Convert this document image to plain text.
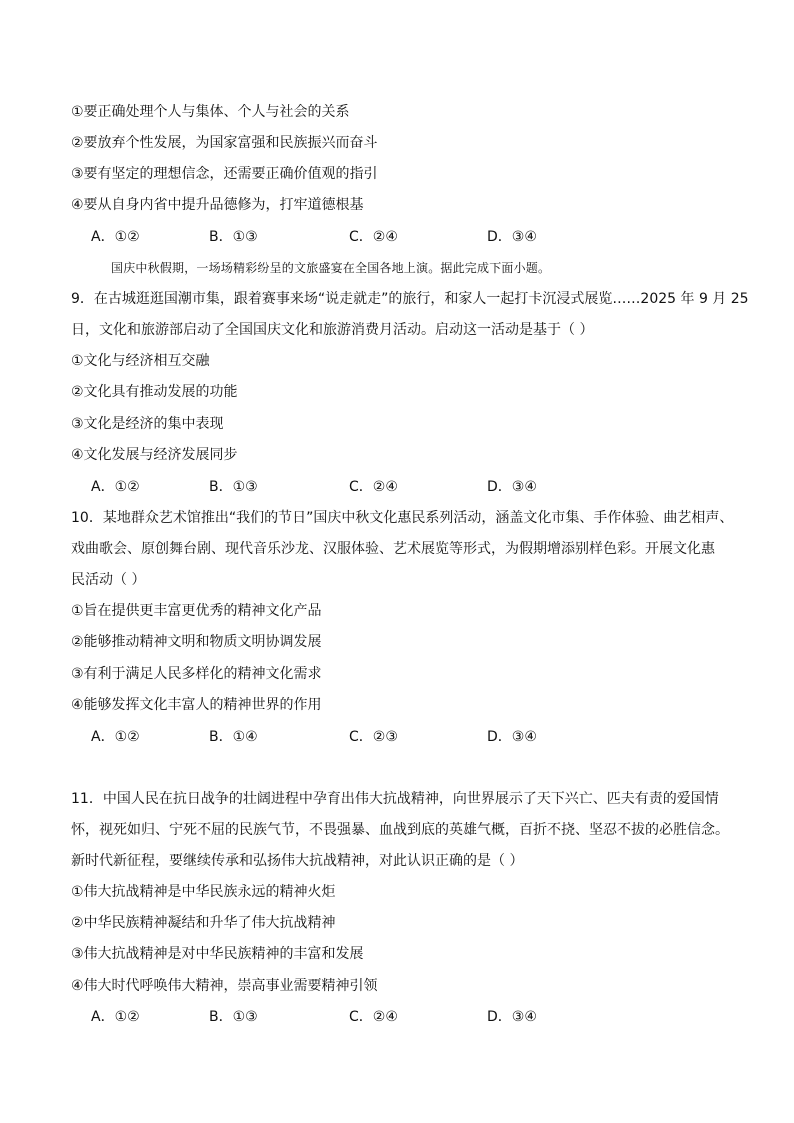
①要正确处理个人与集体、个人与社会的关系
②要放弃个性发展，为国家富强和民族振兴而奋斗
③要有坚定的理想信念，还需要正确价值观的指引
④要从自身内省中提升品德修为，打牢道德根基
A．①②	B．①③	C．②④	D．③④
国庆中秋假期，一场场精彩纷呈的文旅盛宴在全国各地上演。据此完成下面小题。
9．在古城逛逛国潮市集，跟着赛事来场“说走就走”的旅行，和家人一起打卡沉浸式展览……2025 年 9 月 25
日，文化和旅游部启动了全国国庆文化和旅游消费月活动。启动这一活动是基于（ ）
①文化与经济相互交融
②文化具有推动发展的功能
③文化是经济的集中表现
④文化发展与经济发展同步
A．①②	B．①③	C．②④	D．③④
10．某地群众艺术馆推出“我们的节日”国庆中秋文化惠民系列活动，涵盖文化市集、手作体验、曲艺相声、
戏曲歌会、原创舞台剧、现代音乐沙龙、汉服体验、艺术展览等形式，为假期增添别样色彩。开展文化惠
民活动（ ）
①旨在提供更丰富更优秀的精神文化产品
②能够推动精神文明和物质文明协调发展
③有利于满足人民多样化的精神文化需求
④能够发挥文化丰富人的精神世界的作用
A．①②	B．①④	C．②③	D．③④
11．中国人民在抗日战争的壮阔进程中孕育出伟大抗战精神，向世界展示了天下兴亡、匹夫有责的爱国情
怀，视死如归、宁死不屈的民族气节，不畏强暴、血战到底的英雄气概，百折不挠、坚忍不拔的必胜信念。
新时代新征程，要继续传承和弘扬伟大抗战精神，对此认识正确的是（ ）
①伟大抗战精神是中华民族永远的精神火炬
②中华民族精神凝结和升华了伟大抗战精神
③伟大抗战精神是对中华民族精神的丰富和发展
④伟大时代呼唤伟大精神，崇高事业需要精神引领
A．①②	B．①③	C．②④	D．③④
